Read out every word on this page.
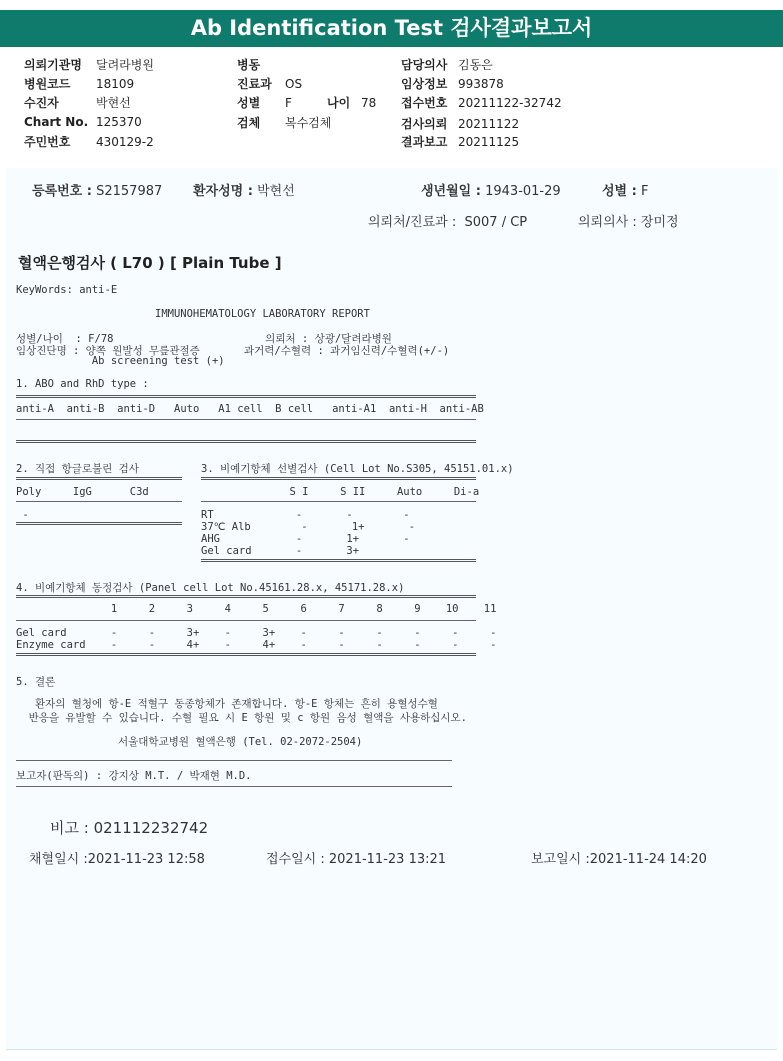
Ab Identification Test 검사결과보고서
의뢰기관명 달려라병원
병원코드 18109
수진자	박현선
Chart No. 125370
주민번호 430129-2
병동
진료과 OS
성별 F	나이 78
검체 복수검체
담당의사 김동은
임상정보 993878
접수번호 20211122-32742
검사의뢰 20211122
결과보고 20211125
등록번호 : S2157987 환자성명 : 박현선	생년월일 : 1943-01-29	성별 : F
의뢰처/진료과 : S007 / CP	의뢰의사 : 장미정
혈액은행검사 ( L70 ) [ Plain Tube ]
KeyWords: anti-E
IMMUNOHEMATOLOGY LABORATORY REPORT
성별/나이  : F/78                        의뢰처 : 상광/달려라병원
임상진단명 : 양쪽 원발성 무릎관절증       과거력/수혈력 : 과거임신력/수혈력(+/-)
Ab screening test (+)
1. ABO and RhD type :
anti-A  anti-B  anti-D   Auto   A1 cell  B cell   anti-A1  anti-H  anti-AB
2. 직접 항글로불린 검사	3. 비예기항체 선별검사 (Cell Lot No.S305, 45151.01.x)
Poly     IgG      C3d	S I     S II     Auto     Di-a
-	RT             -       -        -
37℃ Alb        -       1+       -
AHG            -       1+       -
Gel card       -       3+
4. 비예기항체 동정검사 (Panel cell Lot No.45161.28.x, 45171.28.x)
1     2     3     4     5     6     7     8     9    10    11
Gel card       -     -     3+    -     3+    -     -     -     -     -     -
Enzyme card    -     -     4+    -     4+    -     -     -     -     -     -
5. 결론
환자의 혈청에 항-E 적혈구 동종항체가 존재합니다. 항-E 항체는 흔히 용혈성수혈
반응을 유발할 수 있습니다. 수혈 필요 시 E 항원 및 c 항원 음성 혈액을 사용하십시오.
서울대학교병원 혈액은행 (Tel. 02-2072-2504)
보고자(판독의) : 강지상 M.T. / 박재현 M.D.
비고 : 021112232742
채혈일시 :2021-11-23 12:58	접수일시 : 2021-11-23 13:21	보고일시 :2021-11-24 14:20
